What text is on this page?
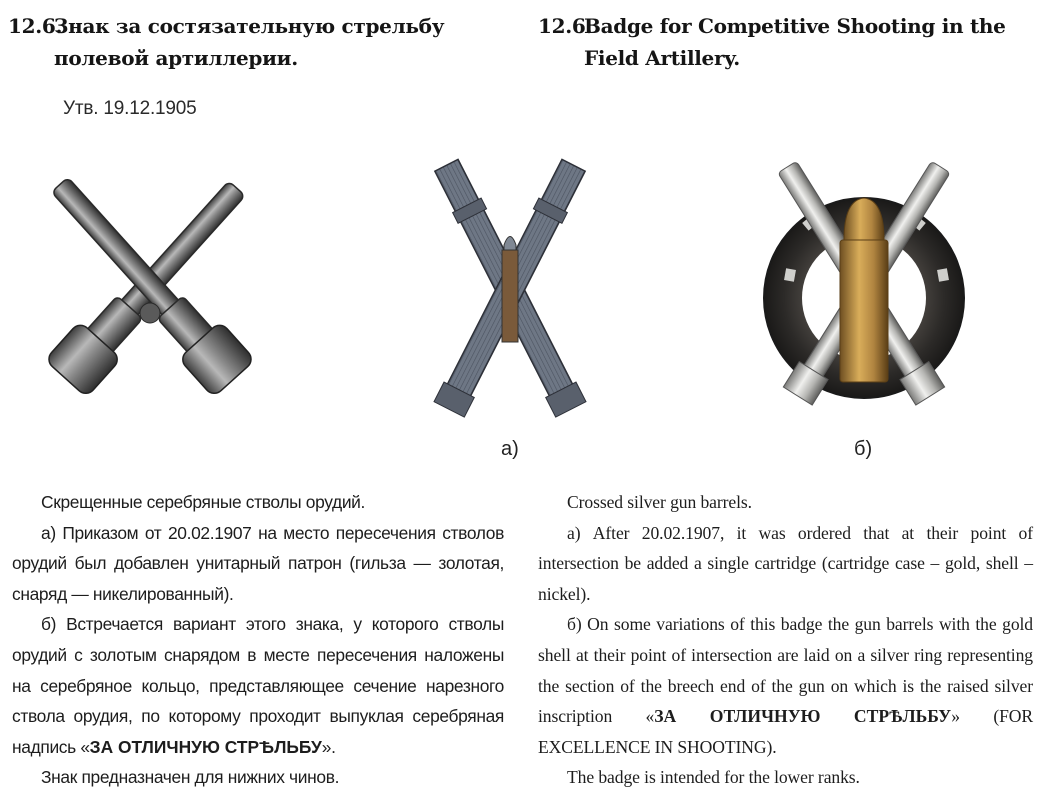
12.6.
Знак за состязательную стрельбу полевой артиллерии.
12.6.
Badge for Competitive Shooting in the Field Artillery.
Утв. 19.12.1905
а)	б)

Скрещенные серебряные стволы орудий.

а) Приказом от 20.02.1907 на место пересечения стволов орудий был добавлен унитарный патрон (гильза — золотая, снаряд — никелированный).

б) Встречается вариант этого знака, у которого стволы орудий с золотым снарядом в месте пересечения наложены на серебряное кольцо, представляющее сечение нарезного ствола орудия, по которому проходит выпуклая серебряная надпись «ЗА ОТЛИЧНУЮ СТРѢЛЬБУ».

Знак предназначен для нижних чинов.

Crossed silver gun barrels.

а) After 20.02.1907, it was ordered that at their point of intersection be added a single cartridge (cartridge case – gold, shell – nickel).

б) On some variations of this badge the gun barrels with the gold shell at their point of intersection are laid on a silver ring representing the section of the breech end of the gun on which is the raised silver inscription «ЗА ОТЛИЧНУЮ СТРѢЛЬБУ» (FOR EXCELLENCE IN SHOOTING).

The badge is intended for the lower ranks.
